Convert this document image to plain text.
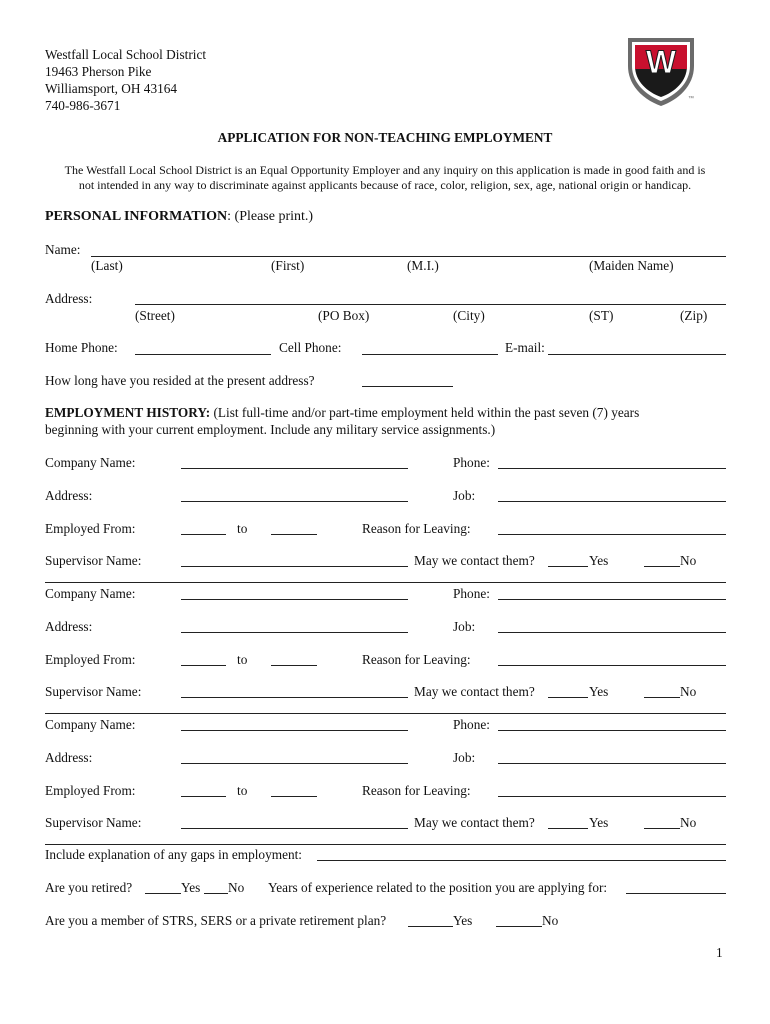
Westfall Local School District
19463 Pherson Pike
Williamsport, OH 43164
740-986-3671
W
™
APPLICATION FOR NON-TEACHING EMPLOYMENT
The Westfall Local School District is an Equal Opportunity Employer and any inquiry on this application is made in good faith and is
not intended in any way to discriminate against applicants because of race, color, religion, sex, age, national origin or handicap.
PERSONAL INFORMATION: (Please print.)
Name:
(Last)	(First)	(M.I.)	(Maiden Name)
Address:
(Street)	(PO Box)	(City)	(ST)	(Zip)
Home Phone:	Cell Phone:	E-mail:
How long have you resided at the present address?
EMPLOYMENT HISTORY: (List full-time and/or part-time employment held within the past seven (7) years
beginning with your current employment. Include any military service assignments.)
Company Name:	Phone:
Address:	Job:
Employed From:	to	Reason for Leaving:
Supervisor Name:	May we contact them?	Yes	No
Company Name:	Phone:
Address:	Job:
Employed From:	to	Reason for Leaving:
Supervisor Name:	May we contact them?	Yes	No
Company Name:	Phone:
Address:	Job:
Employed From:	to	Reason for Leaving:
Supervisor Name:	May we contact them?	Yes	No
Include explanation of any gaps in employment:
Are you retired?	Yes No Years of experience related to the position you are applying for:
Are you a member of STRS, SERS or a private retirement plan?	Yes	No
1
